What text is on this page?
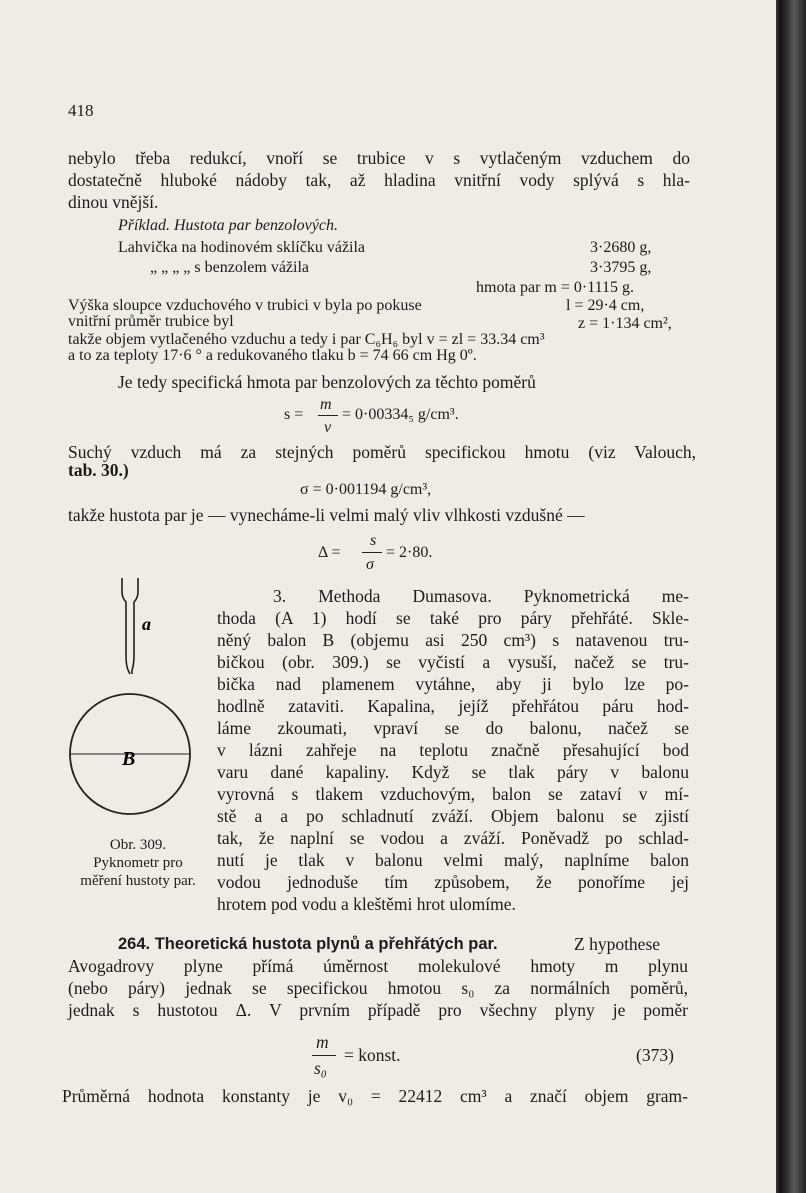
418
nebylo třeba redukcí, vnoří se trubice v s vytlačeným vzduchem do
dostatečně hluboké nádoby tak, až hladina vnitřní vody splývá s hla-
dinou vnější.
Příklad. Hustota par benzolových.
Lahvička na hodinovém sklíčku vážila	3·2680 g,
„ „ „ „ s benzolem vážila	3·3795 g,
hmota par m = 0·1115 g.
Výška sloupce vzduchového v trubici v byla po pokuse	l = 29·4 cm,
vnitřní průměr trubice byl	z = 1·134 cm²,
takže objem vytlačeného vzduchu a tedy i par C₆H₆ byl v = zl = 33.34 cm³
a to za teploty 17·6 ° a redukovaného tlaku b = 74 66 cm Hg 0º.
Je tedy specifická hmota par benzolových za těchto poměrů
s =
m
v
= 0·00334₅ g/cm³.
Suchý vzduch má za stejných poměrů specifickou hmotu (viz Valouch,
tab. 30.)
σ = 0·001194 g/cm³,
takže hustota par je — vynecháme-li velmi malý vliv vlhkosti vzdušné —
Δ =
s
σ
= 2·80.
a
B
Obr. 309.
Pyknometr pro
měření hustoty par.
3. Methoda Dumasova. Pyknometrická me-
thoda (A 1) hodí se také pro páry přehřáté. Skle-
něný balon B (objemu asi 250 cm³) s natavenou tru-
bičkou (obr. 309.) se vyčistí a vysuší, načež se tru-
bička nad plamenem vytáhne, aby ji bylo lze po-
hodlně zataviti. Kapalina, jejíž přehřátou páru hod-
láme zkoumati, vpraví se do balonu, načež se
v lázni zahřeje na teplotu značně přesahující bod
varu dané kapaliny. Když se tlak páry v balonu
vyrovná s tlakem vzduchovým, balon se zataví v mí-
stě a a po schladnutí zváží. Objem balonu se zjistí
tak, že naplní se vodou a zváží. Poněvadž po schlad-
nutí je tlak v balonu velmi malý, naplníme balon
vodou jednoduše tím způsobem, že ponoříme jej
hrotem pod vodu a kleštěmi hrot ulomíme.
264. Theoretická hustota plynů a přehřátých par.	Z hypothese
Avogadrovy plyne přímá úměrnost molekulové hmoty m plynu
(nebo páry) jednak se specifickou hmotou s₀ za normálních poměrů,
jednak s hustotou Δ. V prvním případě pro všechny plyny je poměr
m
s₀
= konst.	(373)
Průměrná hodnota konstanty je v₀ = 22412 cm³ a značí objem gram-
